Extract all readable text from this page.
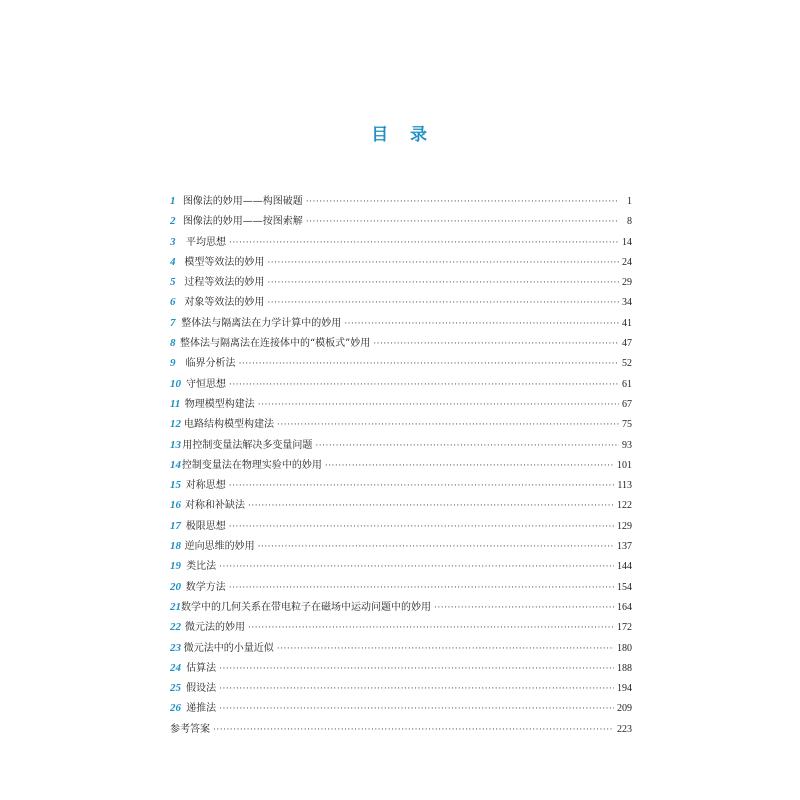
目 录
1 图像法的妙用——构图破题 ·····	1
2 图像法的妙用——按图索解 ·····	8
3	平均思想 ·····	14
4 模型等效法的妙用 ·····	24
5 过程等效法的妙用 ·····	29
6 对象等效法的妙用 ·····	34
7 整体法与隔离法在力学计算中的妙用 ·····	41
8 整体法与隔离法在连接体中的“模板式”妙用 ·····	47
9	临界分析法 ·····	52
10 守恒思想 ·····	61
11 物理模型构建法 ·····	67
12 电路结构模型构建法 ·····	75
13 用控制变量法解决多变量问题 ·····	93
14 控制变量法在物理实验中的妙用 ·····	101
15 对称思想 ·····	113
16 对称和补缺法 ·····	122
17 极限思想 ·····	129
18 逆向思维的妙用 ·····	137
19 类比法 ·····	144
20 数学方法 ·····	154
21 数学中的几何关系在带电粒子在磁场中运动问题中的妙用 ·····	164
22 微元法的妙用 ·····	172
23 微元法中的小量近似 ·····	180
24 估算法 ·····	188
25 假设法 ·····	194
26 递推法 ·····	209
参考答案 ·····	223
